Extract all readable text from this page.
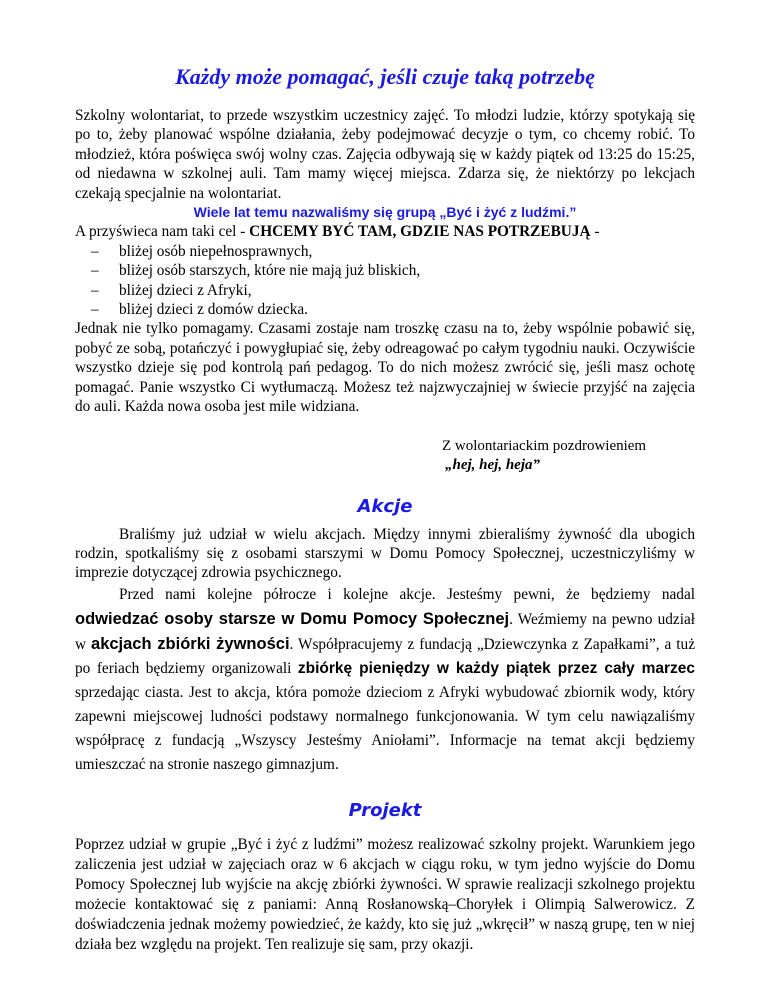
Każdy może pomagać, jeśli czuje taką potrzebę

Szkolny wolontariat, to przede wszystkim uczestnicy zajęć. To młodzi ludzie, którzy spotykają się po to, żeby planować wspólne działania, żeby podejmować decyzje o tym, co chcemy robić. To młodzież, która poświęca swój wolny czas. Zajęcia odbywają się w każdy piątek od 13:25 do 15:25, od niedawna w szkolnej auli. Tam mamy więcej miejsca. Zdarza się, że niektórzy po lekcjach czekają specjalnie na wolontariat.

Wiele lat temu nazwaliśmy się grupą „Być i żyć z ludźmi.”

A przyświeca nam taki cel - CHCEMY BYĆ TAM, GDZIE NAS POTRZEBUJĄ -

– bliżej osób niepełnosprawnych,
– bliżej osób starszych, które nie mają już bliskich,
– bliżej dzieci z Afryki,
– bliżej dzieci z domów dziecka.

Jednak nie tylko pomagamy. Czasami zostaje nam troszkę czasu na to, żeby wspólnie pobawić się, pobyć ze sobą, potańczyć i powygłupiać się, żeby odreagować po całym tygodniu nauki. Oczywiście wszystko dzieje się pod kontrolą pań pedagog. To do nich możesz zwrócić się, jeśli masz ochotę pomagać. Panie wszystko Ci wytłumaczą. Możesz też najzwyczajniej w świecie przyjść na zajęcia do auli. Każda nowa osoba jest mile widziana.

Z wolontariackim pozdrowieniem
„hej, hej, heja”
Akcje

Braliśmy już udział w wielu akcjach. Między innymi zbieraliśmy żywność dla ubogich rodzin, spotkaliśmy się z osobami starszymi w Domu Pomocy Społecznej, uczestniczyliśmy w imprezie dotyczącej zdrowia psychicznego.

Przed nami kolejne półrocze i kolejne akcje. Jesteśmy pewni, że będziemy nadal odwiedzać osoby starsze w Domu Pomocy Społecznej. Weźmiemy na pewno udział w akcjach zbiórki żywności. Współpracujemy z fundacją „Dziewczynka z Zapałkami”, a tuż po feriach będziemy organizowali zbiórkę pieniędzy w każdy piątek przez cały marzec sprzedając ciasta. Jest to akcja, która pomoże dzieciom z Afryki wybudować zbiornik wody, który zapewni miejscowej ludności podstawy normalnego funkcjonowania. W tym celu nawiązaliśmy współpracę z fundacją „Wszyscy Jesteśmy Aniołami”. Informacje na temat akcji będziemy umieszczać na stronie naszego gimnazjum.

Projekt

Poprzez udział w grupie „Być i żyć z ludźmi” możesz realizować szkolny projekt. Warunkiem jego zaliczenia jest udział w zajęciach oraz w 6 akcjach w ciągu roku, w tym jedno wyjście do Domu Pomocy Społecznej lub wyjście na akcję zbiórki żywności. W sprawie realizacji szkolnego projektu możecie kontaktować się z paniami: Anną Rosłanowską–Choryłek i Olimpią Salwerowicz. Z doświadczenia jednak możemy powiedzieć, że każdy, kto się już „wkręcił” w naszą grupę, ten w niej działa bez względu na projekt. Ten realizuje się sam, przy okazji.
